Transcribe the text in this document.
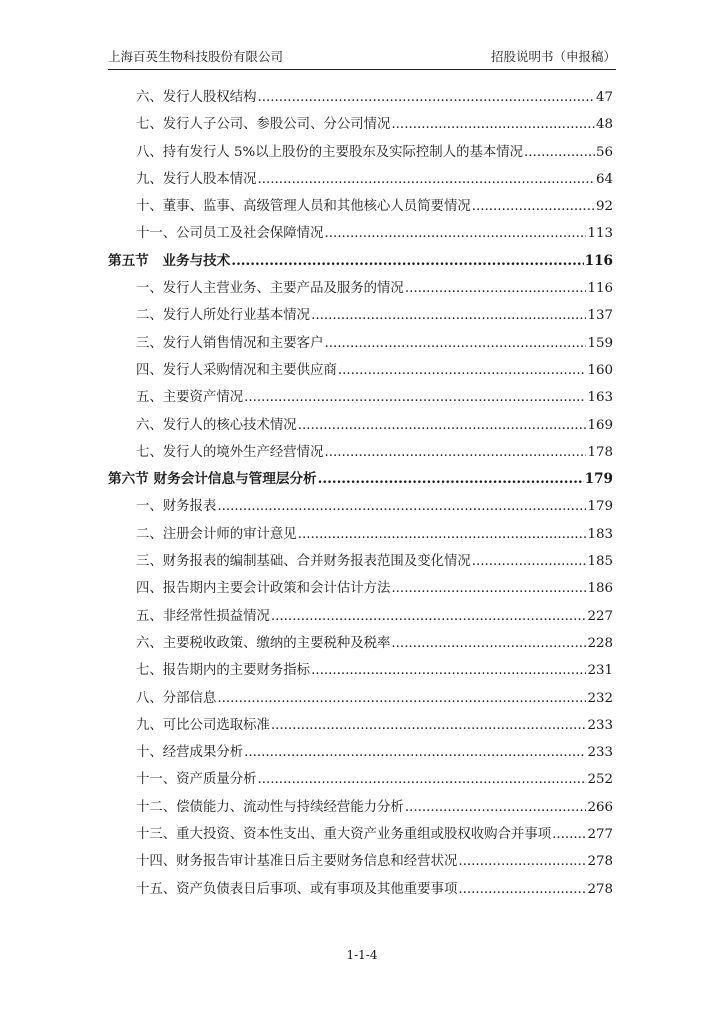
上海百英生物科技股份有限公司	招股说明书（申报稿）
六、发行人股权结构 .....	47
七、发行人子公司、参股公司、分公司情况 .....	48
八、持有发行人 5%以上股份的主要股东及实际控制人的基本情况 .....	56
九、发行人股本情况 .....	64
十、董事、监事、高级管理人员和其他核心人员简要情况 .....	92
十一、公司员工及社会保障情况 .....	113
第五节　业务与技术 .....	116
一、发行人主营业务、主要产品及服务的情况 .....	116
二、发行人所处行业基本情况 .....	137
三、发行人销售情况和主要客户 .....	159
四、发行人采购情况和主要供应商 .....	160
五、主要资产情况 .....	163
六、发行人的核心技术情况 .....	169
七、发行人的境外生产经营情况 .....	178
第六节 财务会计信息与管理层分析 .....	179
一、财务报表 .....	179
二、注册会计师的审计意见 .....	183
三、财务报表的编制基础、合并财务报表范围及变化情况 .....	185
四、报告期内主要会计政策和会计估计方法 .....	186
五、非经常性损益情况 .....	227
六、主要税收政策、缴纳的主要税种及税率 .....	228
七、报告期内的主要财务指标 .....	231
八、分部信息 .....	232
九、可比公司选取标准 .....	233
十、经营成果分析 .....	233
十一、资产质量分析 .....	252
十二、偿债能力、流动性与持续经营能力分析 .....	266
十三、重大投资、资本性支出、重大资产业务重组或股权收购合并事项 .....	277
十四、财务报告审计基准日后主要财务信息和经营状况 .....	278
十五、资产负债表日后事项、或有事项及其他重要事项 .....	278
1-1-4
